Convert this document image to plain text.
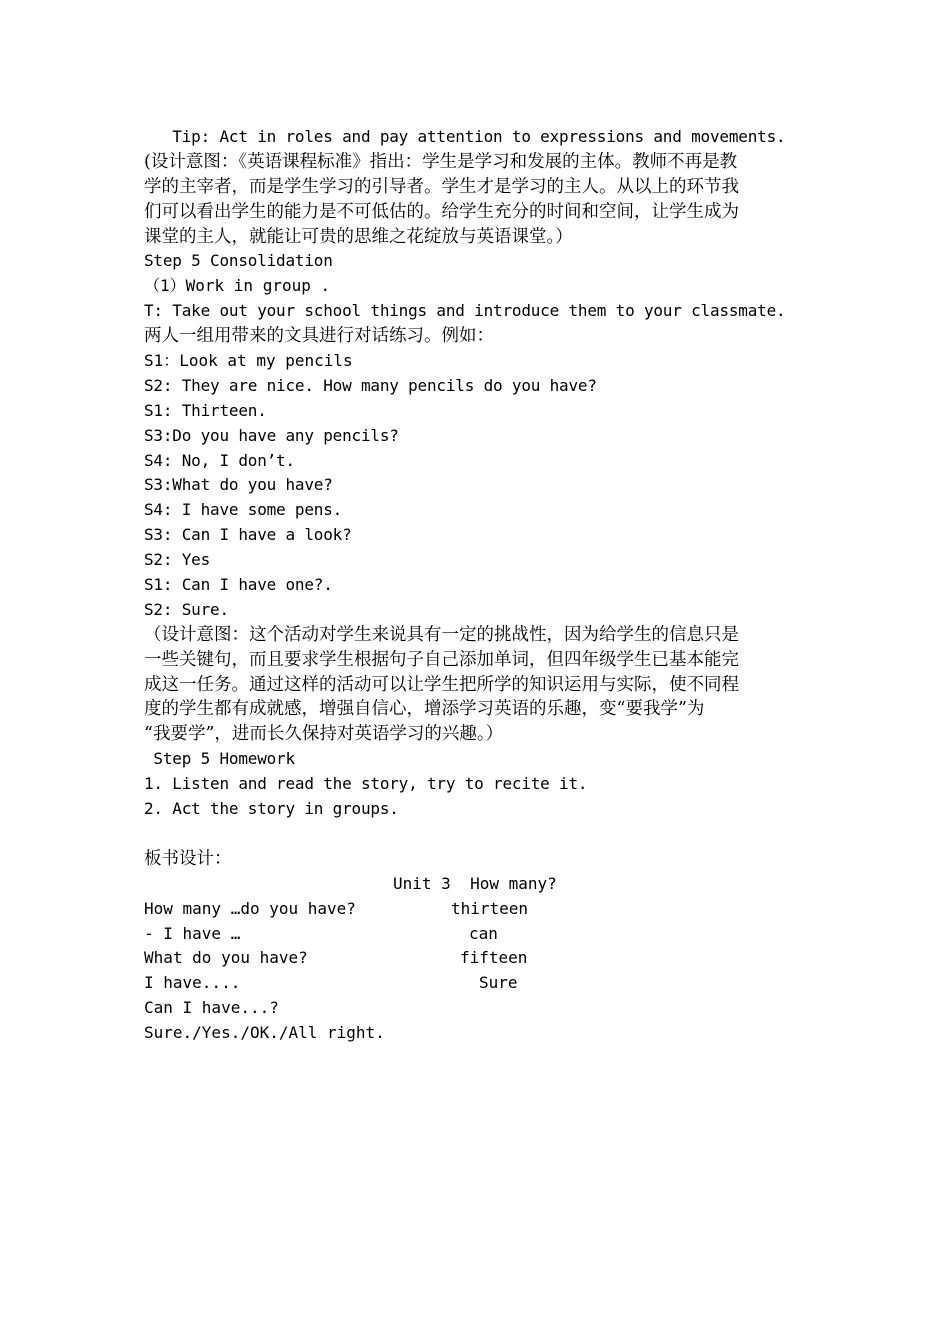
Tip: Act in roles and pay attention to expressions and movements.

(设计意图：《英语课程标准》指出：学生是学习和发展的主体。教师不再是教

学的主宰者，而是学生学习的引导者。学生才是学习的主人。从以上的环节我

们可以看出学生的能力是不可低估的。给学生充分的时间和空间，让学生成为

课堂的主人，就能让可贵的思维之花绽放与英语课堂。）

Step 5 Consolidation

（1）Work in group .

T: Take out your school things and introduce them to your classmate.

两人一组用带来的文具进行对话练习。例如：

S1：Look at my pencils

S2: They are nice. How many pencils do you have?

S1: Thirteen.

S3:Do you have any pencils?

S4: No, I don’t.

S3:What do you have?

S4: I have some pens.

S3: Can I have a look?

S2: Yes

S1: Can I have one?.

S2: Sure.

（设计意图：这个活动对学生来说具有一定的挑战性，因为给学生的信息只是

一些关键句，而且要求学生根据句子自己添加单词，但四年级学生已基本能完

成这一任务。通过这样的活动可以让学生把所学的知识运用与实际，使不同程

度的学生都有成就感，增强自信心，增添学习英语的乐趣，变“要我学”为

“我要学”，进而长久保持对英语学习的兴趣。）

Step 5 Homework

1. Listen and read the story, try to recite it.

2. Act the story in groups.

板书设计：

Unit 3  How many?
How many …do you have?	thirteen
- I have …	can
What do you have?	fifteen
I have....	Sure
Can I have...?
Sure./Yes./OK./All right.
